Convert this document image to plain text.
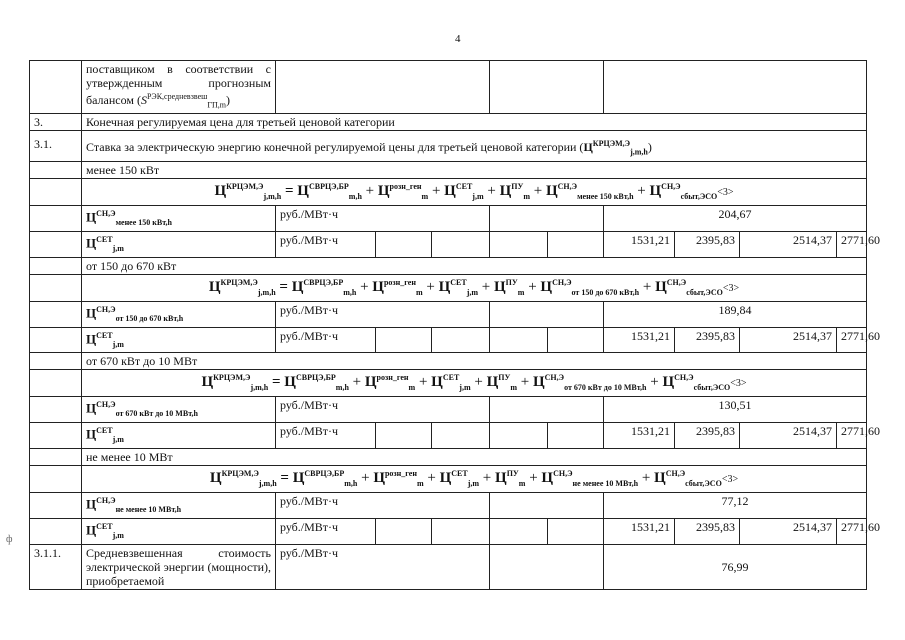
4
ф
	поставщиком в соответствии с утвержденным прогнозным балансом $(S^{РЭК,средневзвеш}_{ГП,m})$									
3.	Конечная регулируемая цена для третьей ценовой категории									
3.1.	Ставка за электрическую энергию конечной регулируемой цены для третьей ценовой категории $(Ц^{КРЦЭМ,Э}_{j,m,h})$									
	менее 150 кВт									
	$Ц^{КРЦЭМ,Э}_{j,m,h} = Ц^{СВРЦЭ,БР}_{m,h} + Ц^{розн\_ген}_m + Ц^{СЕТ}_{j,m} + Ц^{ПУ}_m + Ц^{СН,Э}_{менее 150 кВт,h} + Ц^{СН,Э}_{сбыт,ЭСО}<3>$									
	$Ц^{СН,Э}_{менее 150 кВт,h}$	руб./МВт·ч					204,67			
	$Ц^{СЕТ}_{j,m}$	руб./МВт·ч					1531,21	2395,83	2514,37	2771,60
	от 150 до 670 кВт									
	$Ц^{КРЦЭМ,Э}_{j,m,h} = Ц^{СВРЦЭ,БР}_{m,h} + Ц^{розн\_ген}_m + Ц^{СЕТ}_{j,m} + Ц^{ПУ}_m + Ц^{СН,Э}_{от 150 до 670 кВт,h} + Ц^{СН,Э}_{сбыт,ЭСО}<3>$									
	$Ц^{СН,Э}_{от 150 до 670 кВт,h}$	руб./МВт·ч					189,84			
	$Ц^{СЕТ}_{j,m}$	руб./МВт·ч					1531,21	2395,83	2514,37	2771,60
	от 670 кВт до 10 МВт									
	$Ц^{КРЦЭМ,Э}_{j,m,h} = Ц^{СВРЦЭ,БР}_{m,h} + Ц^{розн\_ген}_m + Ц^{СЕТ}_{j,m} + Ц^{ПУ}_m + Ц^{СН,Э}_{от 670 кВт до 10 МВт,h} + Ц^{СН,Э}_{сбыт,ЭСО}<3>$									
	$Ц^{СН,Э}_{от 670 кВт до 10 МВт,h}$	руб./МВт·ч					130,51			
	$Ц^{СЕТ}_{j,m}$	руб./МВт·ч					1531,21	2395,83	2514,37	2771,60
	не менее 10 МВт									
	$Ц^{КРЦЭМ,Э}_{j,m,h} = Ц^{СВРЦЭ,БР}_{m,h} + Ц^{розн\_ген}_m + Ц^{СЕТ}_{j,m} + Ц^{ПУ}_m + Ц^{СН,Э}_{не менее 10 МВт,h} + Ц^{СН,Э}_{сбыт,ЭСО}<3>$									
	$Ц^{СН,Э}_{не менее 10 МВт,h}$	руб./МВт·ч					77,12			
	$Ц^{СЕТ}_{j,m}$	руб./МВт·ч					1531,21	2395,83	2514,37	2771,60
3.1.1.	Средневзвешенная стоимость электрической энергии (мощности), приобретаемой	руб./МВт·ч					76,99			
